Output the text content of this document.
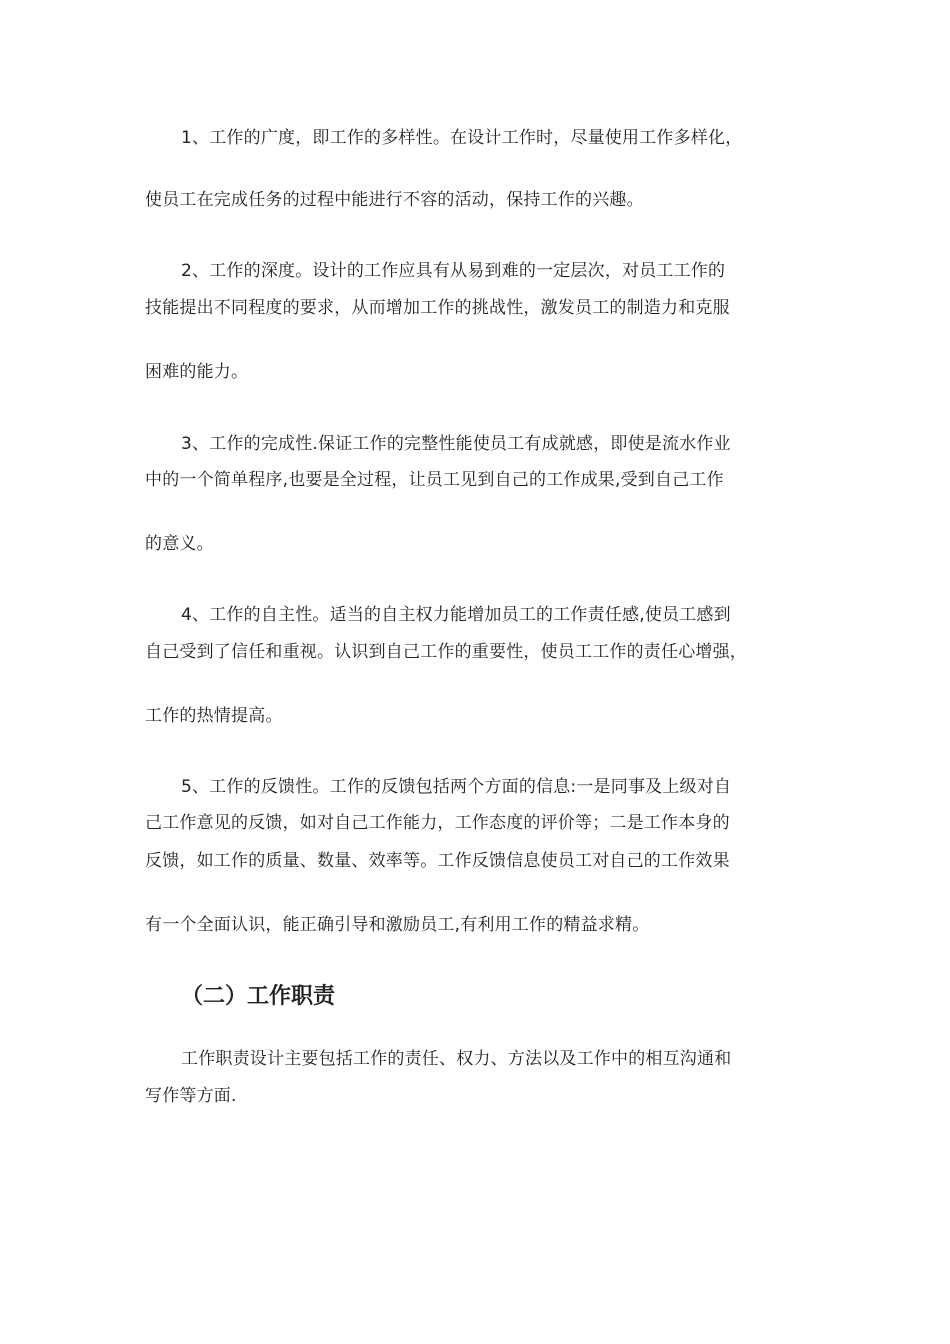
1、工作的广度，即工作的多样性。在设计工作时，尽量使用工作多样化，
使员工在完成任务的过程中能进行不容的活动，保持工作的兴趣。
2、工作的深度。设计的工作应具有从易到难的一定层次，对员工工作的
技能提出不同程度的要求，从而增加工作的挑战性，激发员工的制造力和克服
困难的能力。
3、工作的完成性.保证工作的完整性能使员工有成就感，即使是流水作业
中的一个简单程序,也要是全过程，让员工见到自己的工作成果,受到自己工作
的意义。
4、工作的自主性。适当的自主权力能增加员工的工作责任感,使员工感到
自己受到了信任和重视。认识到自己工作的重要性，使员工工作的责任心增强，
工作的热情提高。
5、工作的反馈性。工作的反馈包括两个方面的信息:一是同事及上级对自
己工作意见的反馈，如对自己工作能力，工作态度的评价等；二是工作本身的
反馈，如工作的质量、数量、效率等。工作反馈信息使员工对自己的工作效果
有一个全面认识，能正确引导和激励员工,有利用工作的精益求精。
（二）工作职责
工作职责设计主要包括工作的责任、权力、方法以及工作中的相互沟通和
写作等方面.
